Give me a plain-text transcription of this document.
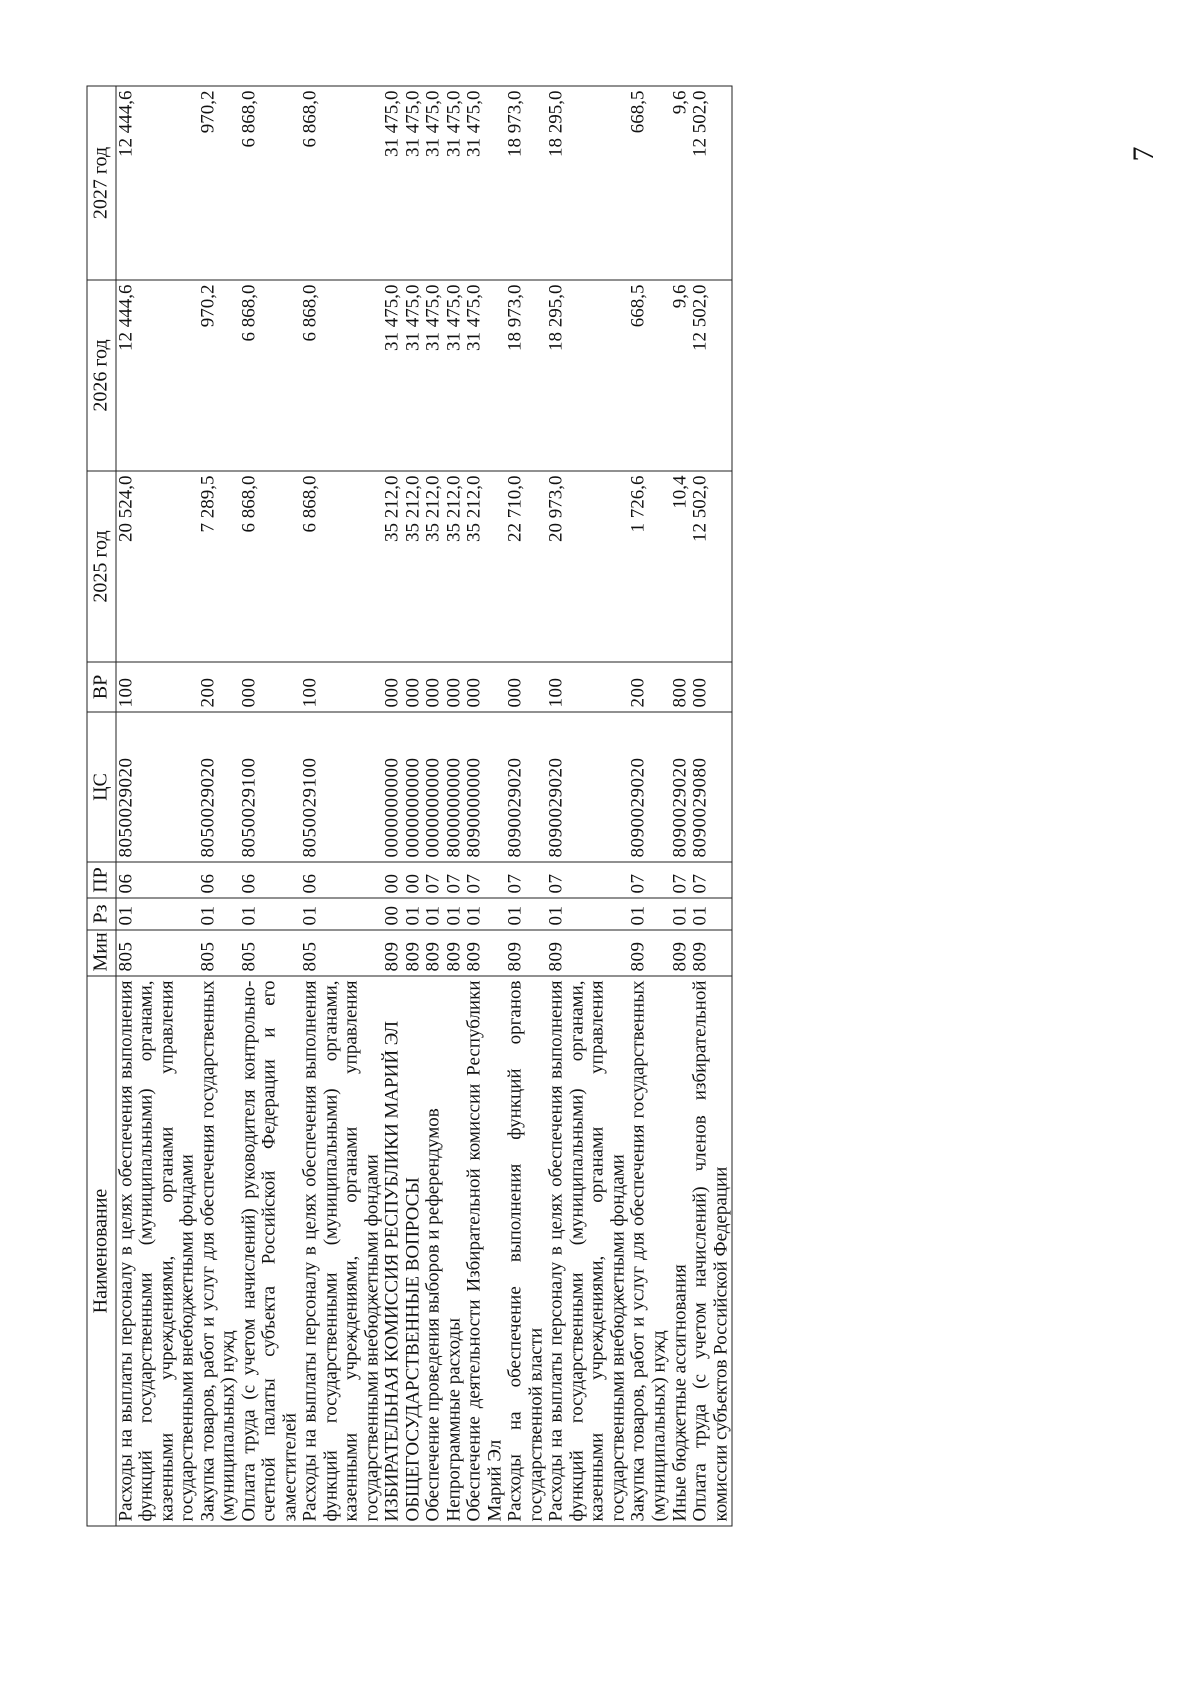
7
Наименование	Мин	Рз	ПР	ЦС	ВР	2025 год	2026 год	2027 год
Расходы на выплаты персоналу в целях обеспечения выполнения функций государственными (муниципальными) органами, казенными учреждениями, органами управления государственными внебюджетными фондами	805	01	06	8050029020	100	20 524,0	12 444,6	12 444,6
Закупка товаров, работ и услуг для обеспечения государственных (муниципальных) нужд	805	01	06	8050029020	200	7 289,5	970,2	970,2
Оплата труда (с учетом начислений) руководителя контрольно-счетной палаты субъекта Российской Федерации и его заместителей	805	01	06	8050029100	000	6 868,0	6 868,0	6 868,0
Расходы на выплаты персоналу в целях обеспечения выполнения функций государственными (муниципальными) органами, казенными учреждениями, органами управления государственными внебюджетными фондами	805	01	06	8050029100	100	6 868,0	6 868,0	6 868,0
ИЗБИРАТЕЛЬНАЯ КОМИССИЯ РЕСПУБЛИКИ МАРИЙ ЭЛ	809	00	00	0000000000	000	35 212,0	31 475,0	31 475,0
ОБЩЕГОСУДАРСТВЕННЫЕ ВОПРОСЫ	809	01	00	0000000000	000	35 212,0	31 475,0	31 475,0
Обеспечение проведения выборов и референдумов	809	01	07	0000000000	000	35 212,0	31 475,0	31 475,0
Непрограммные расходы	809	01	07	8000000000	000	35 212,0	31 475,0	31 475,0
Обеспечение деятельности Избирательной комиссии Республики Марий Эл	809	01	07	8090000000	000	35 212,0	31 475,0	31 475,0
Расходы на обеспечение выполнения функций органов государственной власти	809	01	07	8090029020	000	22 710,0	18 973,0	18 973,0
Расходы на выплаты персоналу в целях обеспечения выполнения функций государственными (муниципальными) органами, казенными учреждениями, органами управления государственными внебюджетными фондами	809	01	07	8090029020	100	20 973,0	18 295,0	18 295,0
Закупка товаров, работ и услуг для обеспечения государственных (муниципальных) нужд	809	01	07	8090029020	200	1 726,6	668,5	668,5
Иные бюджетные ассигнования	809	01	07	8090029020	800	10,4	9,6	9,6
Оплата труда (с учетом начислений) членов избирательной комиссии субъектов Российской Федерации	809	01	07	8090029080	000	12 502,0	12 502,0	12 502,0
